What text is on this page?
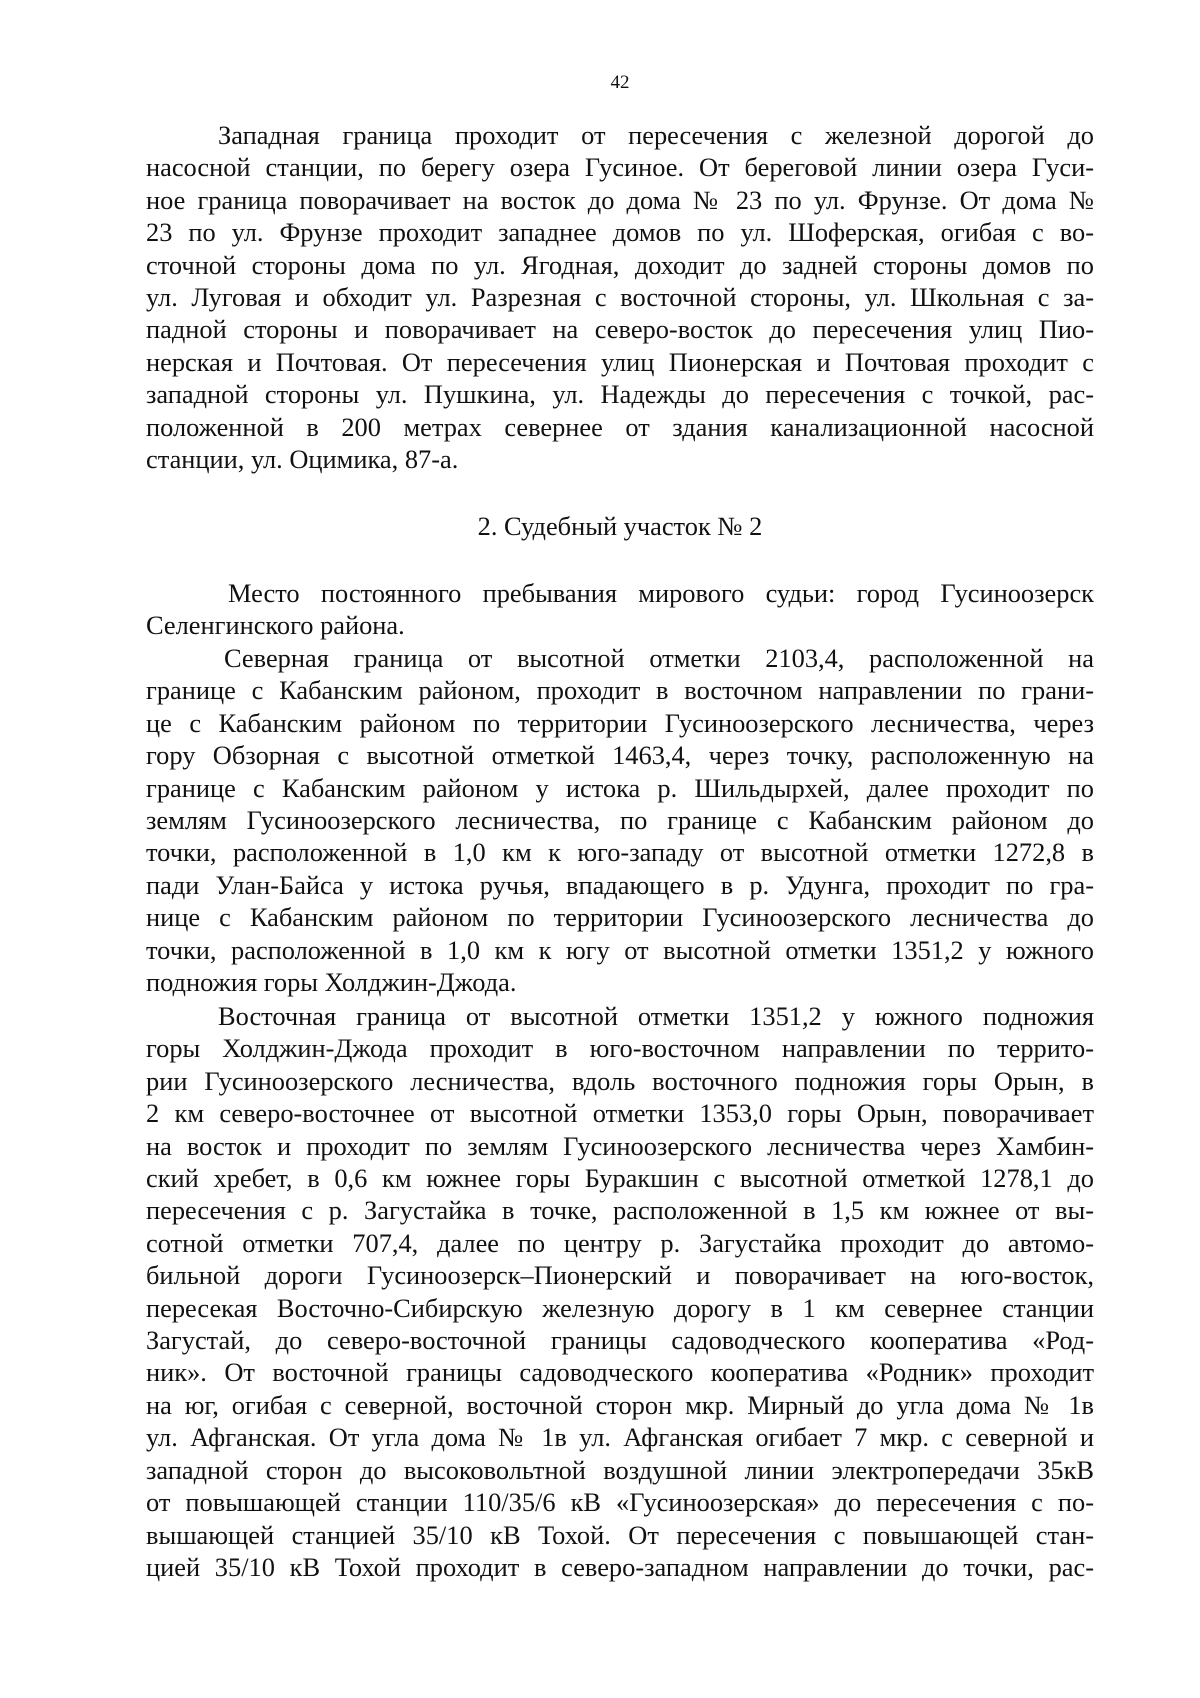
42
Западная граница проходит от пересечения с железной дорогой до
насосной станции, по берегу озера Гусиное. От береговой линии озера Гуси-
ное граница поворачивает на восток до дома № 23 по ул. Фрунзе. От дома №
23 по ул. Фрунзе проходит западнее домов по ул. Шоферская, огибая с во-
сточной стороны дома по ул. Ягодная, доходит до задней стороны домов по
ул. Луговая и обходит ул. Разрезная с восточной стороны, ул. Школьная с за-
падной стороны и поворачивает на северо-восток до пересечения улиц Пио-
нерская и Почтовая. От пересечения улиц Пионерская и Почтовая проходит с
западной стороны ул. Пушкина, ул. Надежды до пересечения с точкой, рас-
положенной в 200 метрах севернее от здания канализационной насосной
станции, ул. Оцимика, 87-а.
2. Судебный участок № 2
Место постоянного пребывания мирового судьи: город Гусиноозерск
Селенгинского района.
Северная граница от высотной отметки 2103,4, расположенной на
границе с Кабанским районом, проходит в восточном направлении по грани-
це с Кабанским районом по территории Гусиноозерского лесничества, через
гору Обзорная с высотной отметкой 1463,4, через точку, расположенную на
границе с Кабанским районом у истока р. Шильдырхей, далее проходит по
землям Гусиноозерского лесничества, по границе с Кабанским районом до
точки, расположенной в 1,0 км к юго-западу от высотной отметки 1272,8 в
пади Улан-Байса у истока ручья, впадающего в р. Удунга, проходит по гра-
нице с Кабанским районом по территории Гусиноозерского лесничества до
точки, расположенной в 1,0 км к югу от высотной отметки 1351,2 у южного
подножия горы Холджин-Джода.
Восточная граница от высотной отметки 1351,2 у южного подножия
горы Холджин-Джода проходит в юго-восточном направлении по террито-
рии Гусиноозерского лесничества, вдоль восточного подножия горы Орын, в
2 км северо-восточнее от высотной отметки 1353,0 горы Орын, поворачивает
на восток и проходит по землям Гусиноозерского лесничества через Хамбин-
ский хребет, в 0,6 км южнее горы Буракшин с высотной отметкой 1278,1 до
пересечения с р. Загустайка в точке, расположенной в 1,5 км южнее от вы-
сотной отметки 707,4, далее по центру р. Загустайка проходит до автомо-
бильной дороги Гусиноозерск–Пионерский и поворачивает на юго-восток,
пересекая Восточно-Сибирскую железную дорогу в 1 км севернее станции
Загустай, до северо-восточной границы садоводческого кооператива «Род-
ник». От восточной границы садоводческого кооператива «Родник» проходит
на юг, огибая с северной, восточной сторон мкр. Мирный до угла дома № 1в
ул. Афганская. От угла дома № 1в ул. Афганская огибает 7 мкр. с северной и
западной сторон до высоковольтной воздушной линии электропередачи 35кВ
от повышающей станции 110/35/6 кВ «Гусиноозерская» до пересечения с по-
вышающей станцией 35/10 кВ Тохой. От пересечения с повышающей стан-
цией 35/10 кВ Тохой проходит в северо-западном направлении до точки, рас-
